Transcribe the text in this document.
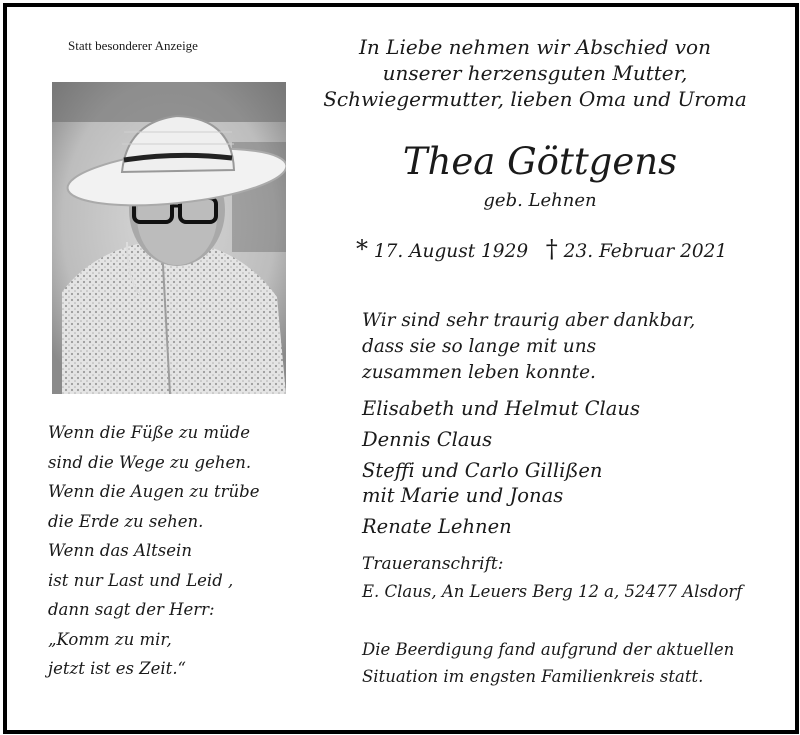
Statt besonderer Anzeige
Wenn die Füße zu müde
sind die Wege zu gehen.
Wenn die Augen zu trübe
die Erde zu sehen.
Wenn das Altsein
ist nur Last und Leid ,
dann sagt der Herr:
„Komm zu mir,
jetzt ist es Zeit.“
In Liebe nehmen wir Abschied von
unserer herzensguten Mutter,
Schwiegermutter, lieben Oma und Uroma
Thea Göttgens
geb. Lehnen
* 17. August 1929 † 23. Februar 2021
Wir sind sehr traurig aber dankbar,
dass sie so lange mit uns
zusammen leben konnte.
Elisabeth und Helmut Claus
Dennis Claus
Steffi und Carlo Gillißen
mit Marie und Jonas
Renate Lehnen
Traueranschrift:
E. Claus, An Leuers Berg 12 a, 52477 Alsdorf
Die Beerdigung fand aufgrund der aktuellen
Situation im engsten Familienkreis statt.
